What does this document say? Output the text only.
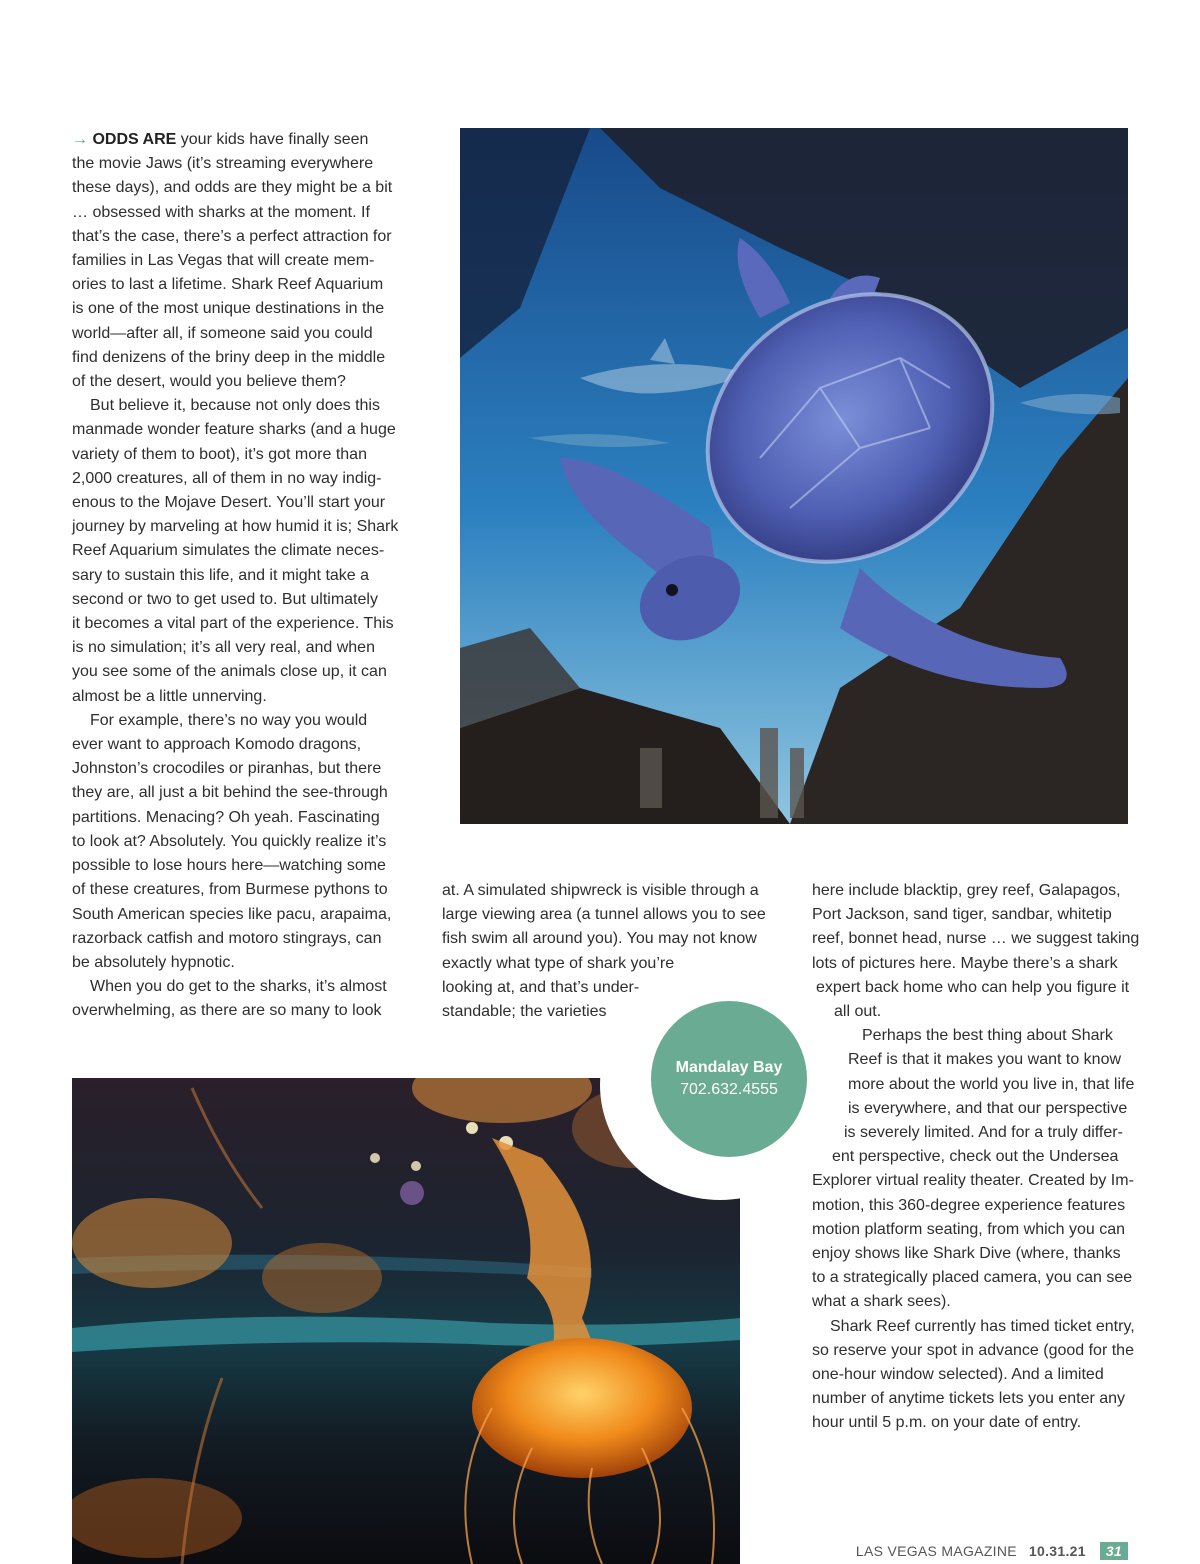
→ ODDS ARE your kids have finally seen
the movie Jaws (it’s streaming everywhere
these days), and odds are they might be a bit
… obsessed with sharks at the moment. If
that’s the case, there’s a perfect attraction for
families in Las Vegas that will create mem-
ories to last a lifetime. Shark Reef Aquarium
is one of the most unique destinations in the
world—after all, if someone said you could
find denizens of the briny deep in the middle
of the desert, would you believe them?
But believe it, because not only does this
manmade wonder feature sharks (and a huge
variety of them to boot), it’s got more than
2,000 creatures, all of them in no way indig-
enous to the Mojave Desert. You’ll start your
journey by marveling at how humid it is; Shark
Reef Aquarium simulates the climate neces-
sary to sustain this life, and it might take a
second or two to get used to. But ultimately
it becomes a vital part of the experience. This
is no simulation; it’s all very real, and when
you see some of the animals close up, it can
almost be a little unnerving.
For example, there’s no way you would
ever want to approach Komodo dragons,
Johnston’s crocodiles or piranhas, but there
they are, all just a bit behind the see-through
partitions. Menacing? Oh yeah. Fascinating
to look at? Absolutely. You quickly realize it’s
possible to lose hours here—watching some
of these creatures, from Burmese pythons to
South American species like pacu, arapaima,
razorback catfish and motoro stingrays, can
be absolutely hypnotic.
When you do get to the sharks, it’s almost
overwhelming, as there are so many to look
Mandalay Bay
702.632.4555
at. A simulated shipwreck is visible through a
large viewing area (a tunnel allows you to see
fish swim all around you). You may not know
exactly what type of shark you’re
looking at, and that’s under-
standable; the varieties
here include blacktip, grey reef, Galapagos,
Port Jackson, sand tiger, sandbar, whitetip
reef, bonnet head, nurse … we suggest taking
lots of pictures here. Maybe there’s a shark
expert back home who can help you figure it
all out.
Perhaps the best thing about Shark
Reef is that it makes you want to know
more about the world you live in, that life
is everywhere, and that our perspective
is severely limited. And for a truly differ-
ent perspective, check out the Undersea
Explorer virtual reality theater. Created by Im-
motion, this 360-degree experience features
motion platform seating, from which you can
enjoy shows like Shark Dive (where, thanks
to a strategically placed camera, you can see
what a shark sees).
Shark Reef currently has timed ticket entry,
so reserve your spot in advance (good for the
one-hour window selected). And a limited
number of anytime tickets lets you enter any
hour until 5 p.m. on your date of entry.
LAS VEGAS MAGAZINE 10.31.21	31
